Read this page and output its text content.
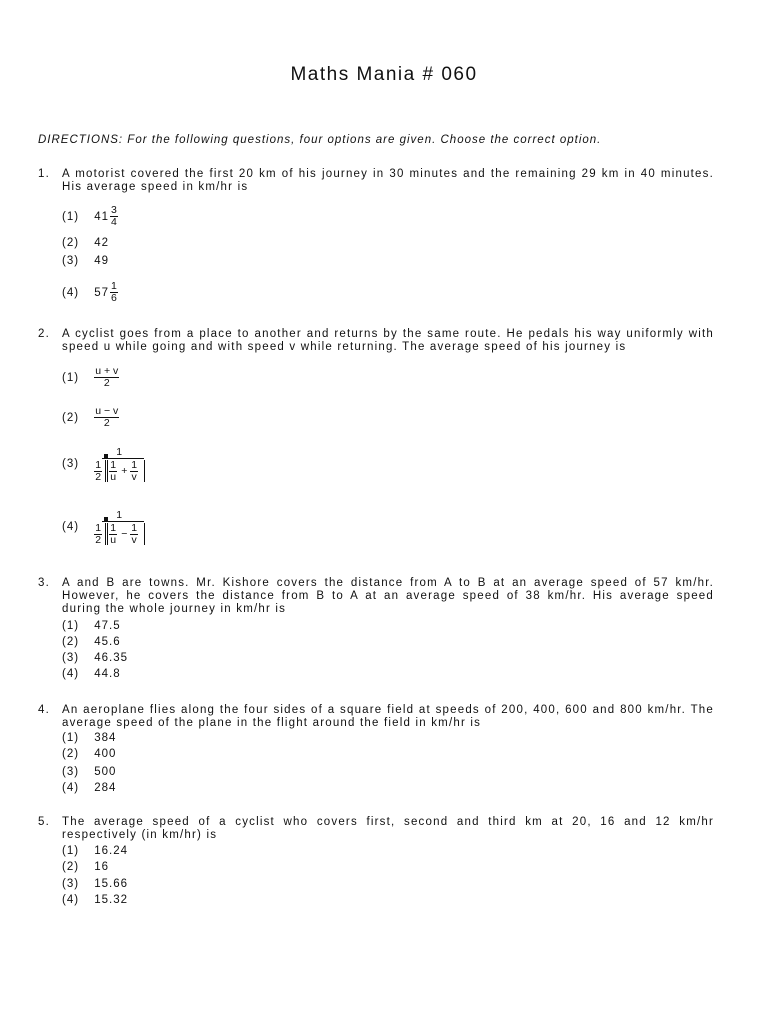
Maths Mania # 060
DIRECTIONS: For the following questions, four options are given. Choose the correct option.
1. A motorist covered the first 20 km of his journey in 30 minutes and the remaining 29 km in 40 minutes. His average speed in km/hr is
(1) $41 \frac{3}{4}$
(2) 42
(3) 49
(4) $57 \frac{1}{6}$
2. A cyclist goes from a place to another and returns by the same route. He pedals his way uniformly with speed u while going and with speed v while returning. The average speed of his journey is
$(1) \frac{u + v}{2}$
$(2) \frac{u - v}{2}$
(3)
1
$\frac{1}{2} \frac{1}{u} + \frac{1}{v}$
(4)
1
$\frac{1}{2} \frac{1}{u} - \frac{1}{v}$
3. A and B are towns. Mr. Kishore covers the distance from A to B at an average speed of 57 km/hr. However, he covers the distance from B to A at an average speed of 38 km/hr. His average speed during the whole journey in km/hr is
(1) 47.5
(2) 45.6
(3) 46.35
(4) 44.8
4. An aeroplane flies along the four sides of a square field at speeds of 200, 400, 600 and 800 km/hr. The average speed of the plane in the flight around the field in km/hr is
(1) 384
(2) 400
(3) 500
(4) 284
5. The average speed of a cyclist who covers first, second and third km at 20, 16 and 12 km/hr respectively (in km/hr) is
(1) 16.24
(2) 16
(3) 15.66
(4) 15.32
